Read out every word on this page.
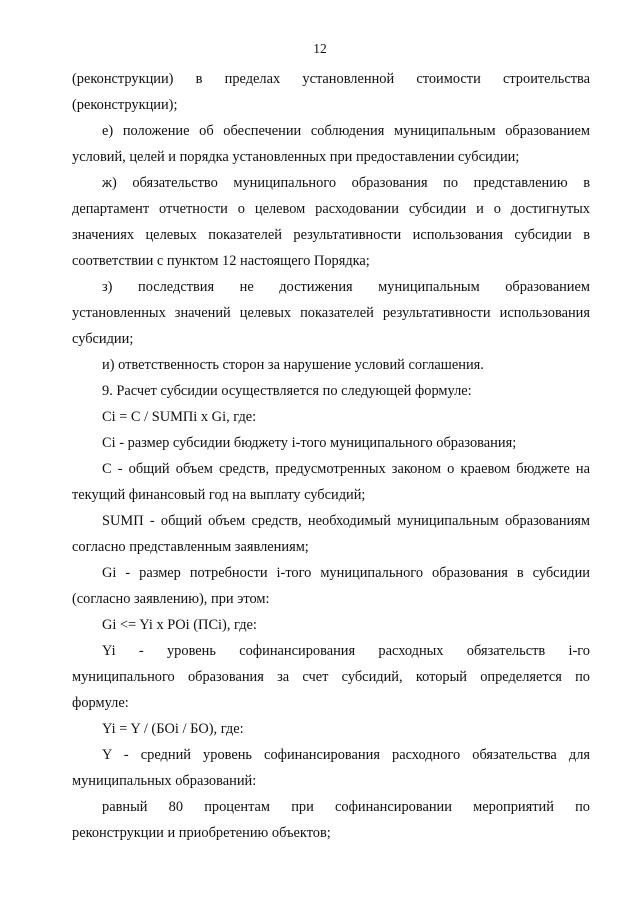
12
(реконструкции) в пределах установленной стоимости строительства
(реконструкции);
е) положение об обеспечении соблюдения муниципальным образованием
условий, целей и порядка установленных при предоставлении субсидии;
ж) обязательство муниципального образования по представлению в
департамент отчетности о целевом расходовании субсидии и о достигнутых
значениях целевых показателей результативности использования субсидии в
соответствии с пунктом 12 настоящего Порядка;
з) последствия не достижения муниципальным образованием
установленных значений целевых показателей результативности использования
субсидии;
и) ответственность сторон за нарушение условий соглашения.
9. Расчет субсидии осуществляется по следующей формуле:
Ci = C / SUMПi x Gi, где:
Ci - размер субсидии бюджету i-того муниципального образования;
C - общий объем средств, предусмотренных законом о краевом бюджете на
текущий финансовый год на выплату субсидий;
SUMП - общий объем средств, необходимый муниципальным образованиям
согласно представленным заявлениям;
Gi - размер потребности i-того муниципального образования в субсидии
(согласно заявлению), при этом:
Gi <= Yi x POi (ПСi), где:
Yi - уровень софинансирования расходных обязательств i-го
муниципального образования за счет субсидий, который определяется по
формуле:
Yi = Y / (БOi / БO), где:
Y - средний уровень софинансирования расходного обязательства для
муниципальных образований:
равный 80 процентам при софинансировании мероприятий по
реконструкции и приобретению объектов;
